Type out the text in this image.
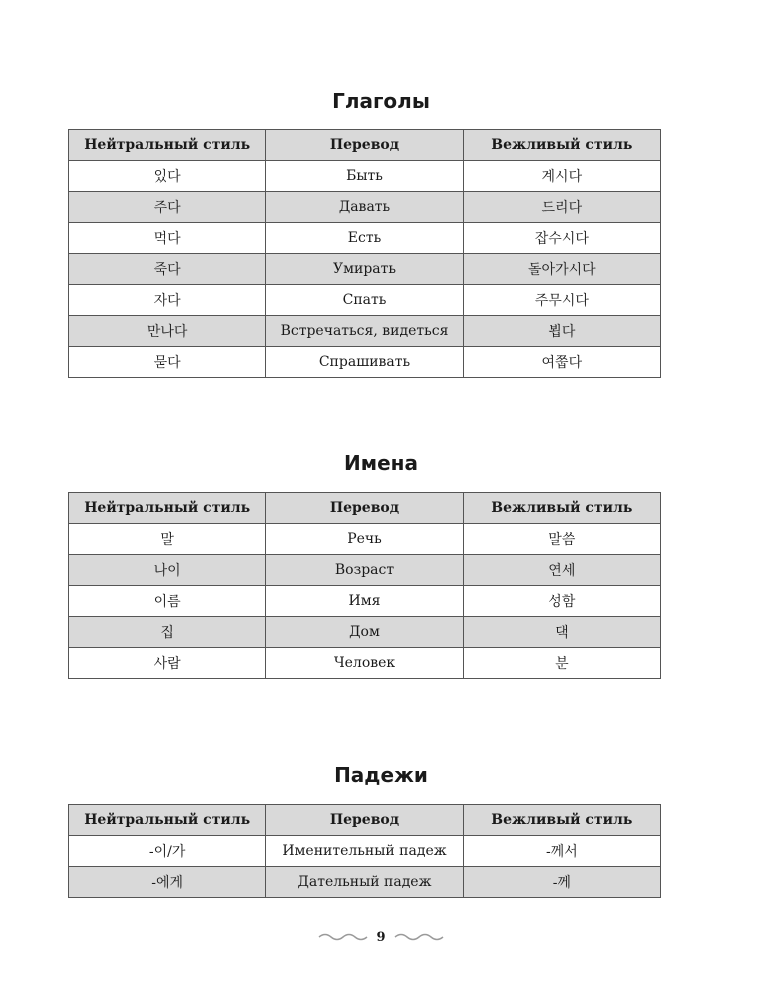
Глаголы
Нейтральный стиль	Перевод	Вежливый стиль
있다	Быть	계시다
주다	Давать	드리다
먹다	Есть	잡수시다
죽다	Умирать	돌아가시다
자다	Спать	주무시다
만나다	Встречаться, видеться	뵙다
묻다	Спрашивать	여쭙다
Имена
Нейтральный стиль	Перевод	Вежливый стиль
말	Речь	말씀
나이	Возраст	연세
이름	Имя	성함
집	Дом	댁
사람	Человек	분
Падежи
Нейтральный стиль	Перевод	Вежливый стиль
-이/가	Именительный падеж	-께서
-에게	Дательный падеж	-께
9
